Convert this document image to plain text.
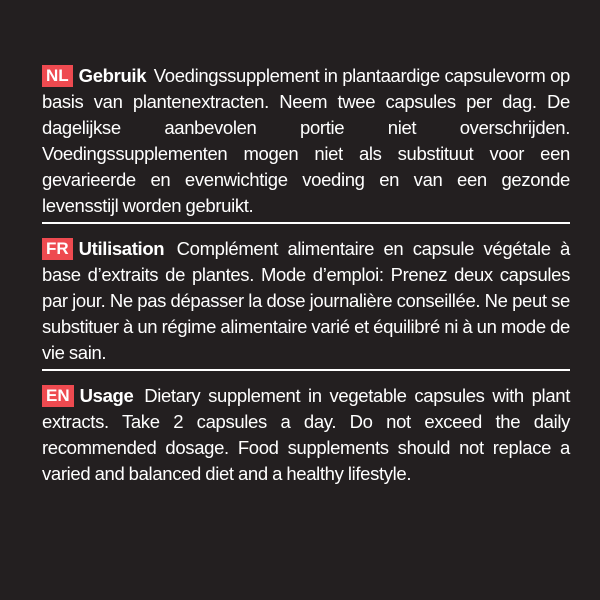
NL Gebruik Voedingssupplement in plantaardige capsulevorm op basis van plantenextracten. Neem twee capsules per dag. De dagelijkse aanbevolen portie niet overschrijden. Voedingssupplementen mogen niet als substituut voor een gevarieerde en evenwichtige voeding en van een gezonde levensstijl worden gebruikt.

FR Utilisation Complément alimentaire en capsule végétale à base d’extraits de plantes. Mode d’emploi: Prenez deux capsules par jour. Ne pas dépasser la dose journalière conseillée. Ne peut se substituer à un régime alimentaire varié et équilibré ni à un mode de vie sain.

EN Usage Dietary supplement in vegetable capsules with plant extracts. Take 2 capsules a day. Do not exceed the daily recommended dosage. Food supplements should not replace a varied and balanced diet and a healthy lifestyle.
